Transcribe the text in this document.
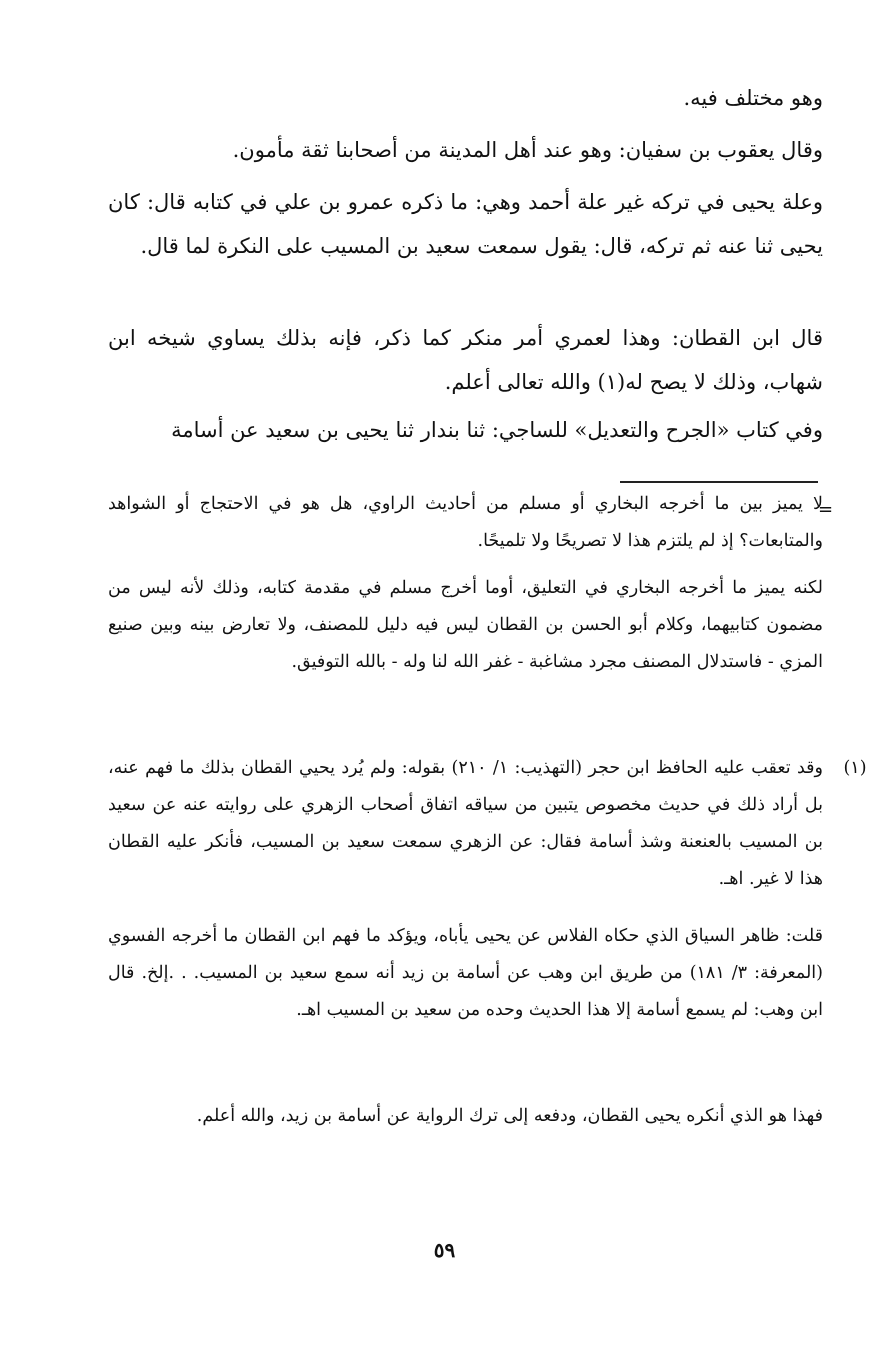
وهو مختلف فيه.
وقال يعقوب بن سفيان: وهو عند أهل المدينة من أصحابنا ثقة مأمون.
وعلة يحيى في تركه غير علة أحمد وهي: ما ذكره عمرو بن علي في كتابه قال: كان يحيى ثنا عنه ثم تركه، قال: يقول سمعت سعيد بن المسيب على النكرة لما قال.
قال ابن القطان: وهذا لعمري أمر منكر كما ذكر، فإنه بذلك يساوي شيخه ابن شهاب، وذلك لا يصح له(١) والله تعالى أعلم.
وفي كتاب «الجرح والتعديل» للساجي: ثنا بندار ثنا يحيى بن سعيد عن أسامة
=
لا يميز بين ما أخرجه البخاري أو مسلم من أحاديث الراوي، هل هو في الاحتجاج أو الشواهد والمتابعات؟ إذ لم يلتزم هذا لا تصريحًا ولا تلميحًا.
لكنه يميز ما أخرجه البخاري في التعليق، أوما أخرج مسلم في مقدمة كتابه، وذلك لأنه ليس من مضمون كتابيهما، وكلام أبو الحسن بن القطان ليس فيه دليل للمصنف، ولا تعارض بينه وبين صنيع المزي - فاستدلال المصنف مجرد مشاغبة - غفر الله لنا وله - بالله التوفيق.
(١)
وقد تعقب عليه الحافظ ابن حجر (التهذيب: ١/ ٢١٠) بقوله: ولم يُرد يحيي القطان بذلك ما فهم عنه، بل أراد ذلك في حديث مخصوص يتبين من سياقه اتفاق أصحاب الزهري على روايته عنه عن سعيد بن المسيب بالعنعنة وشذ أسامة فقال: عن الزهري سمعت سعيد بن المسيب، فأنكر عليه القطان هذا لا غير. اهـ.
قلت: ظاهر السياق الذي حكاه الفلاس عن يحيى يأباه، ويؤكد ما فهم ابن القطان ما أخرجه الفسوي (المعرفة: ٣/ ١٨١) من طريق ابن وهب عن أسامة بن زيد أنه سمع سعيد بن المسيب. . .إلخ. قال ابن وهب: لم يسمع أسامة إلا هذا الحديث وحده من سعيد بن المسيب اهـ.
فهذا هو الذي أنكره يحيى القطان، ودفعه إلى ترك الرواية عن أسامة بن زيد، والله أعلم.
٥٩
